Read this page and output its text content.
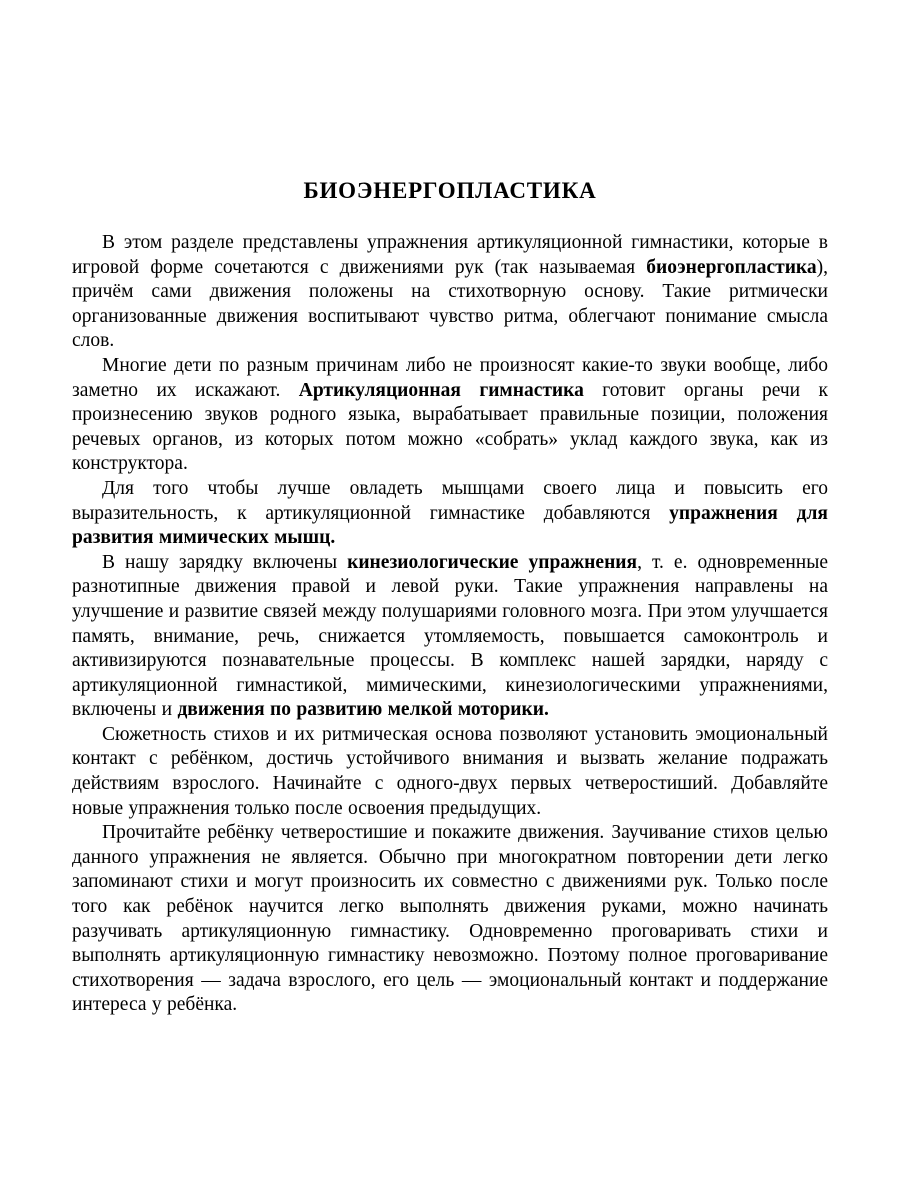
БИОЭНЕРГОПЛАСТИКА

В этом разделе представлены упражнения артикуляционной гимнастики, которые в игровой форме сочетаются с движениями рук (так называемая биоэнергопластика), причём сами движения положены на стихотворную основу. Такие ритмически организованные движения воспитывают чувство ритма, облегчают понимание смысла слов.

Многие дети по разным причинам либо не произносят какие-то звуки вообще, либо заметно их искажают. Артикуляционная гимнастика готовит органы речи к произнесению звуков родного языка, вырабатывает правильные позиции, положения речевых органов, из которых потом можно «собрать» уклад каждого звука, как из конструктора.

Для того чтобы лучше овладеть мышцами своего лица и повысить его выразительность, к артикуляционной гимнастике добавляются упражнения для развития мимических мышц.

В нашу зарядку включены кинезиологические упражнения, т. е. одновременные разнотипные движения правой и левой руки. Такие упражнения направлены на улучшение и развитие связей между полушариями головного мозга. При этом улучшается память, внимание, речь, снижается утомляемость, повышается самоконтроль и активизируются познавательные процессы. В комплекс нашей зарядки, наряду с артикуляционной гимнастикой, мимическими, кинезиологическими упражнениями, включены и движения по развитию мелкой моторики.

Сюжетность стихов и их ритмическая основа позволяют установить эмоциональный контакт с ребёнком, достичь устойчивого внимания и вызвать желание подражать действиям взрослого. Начинайте с одного-двух первых четверостиший. Добавляйте новые упражнения только после освоения предыдущих.

Прочитайте ребёнку четверостишие и покажите движения. Заучивание стихов целью данного упражнения не является. Обычно при многократном повторении дети легко запоминают стихи и могут произносить их совместно с движениями рук. Только после того как ребёнок научится легко выполнять движения руками, можно начинать разучивать артикуляционную гимнастику. Одновременно проговаривать стихи и выполнять артикуляционную гимнастику невозможно. Поэтому полное проговаривание стихотворения — задача взрослого, его цель — эмоциональный контакт и поддержание интереса у ребёнка.
